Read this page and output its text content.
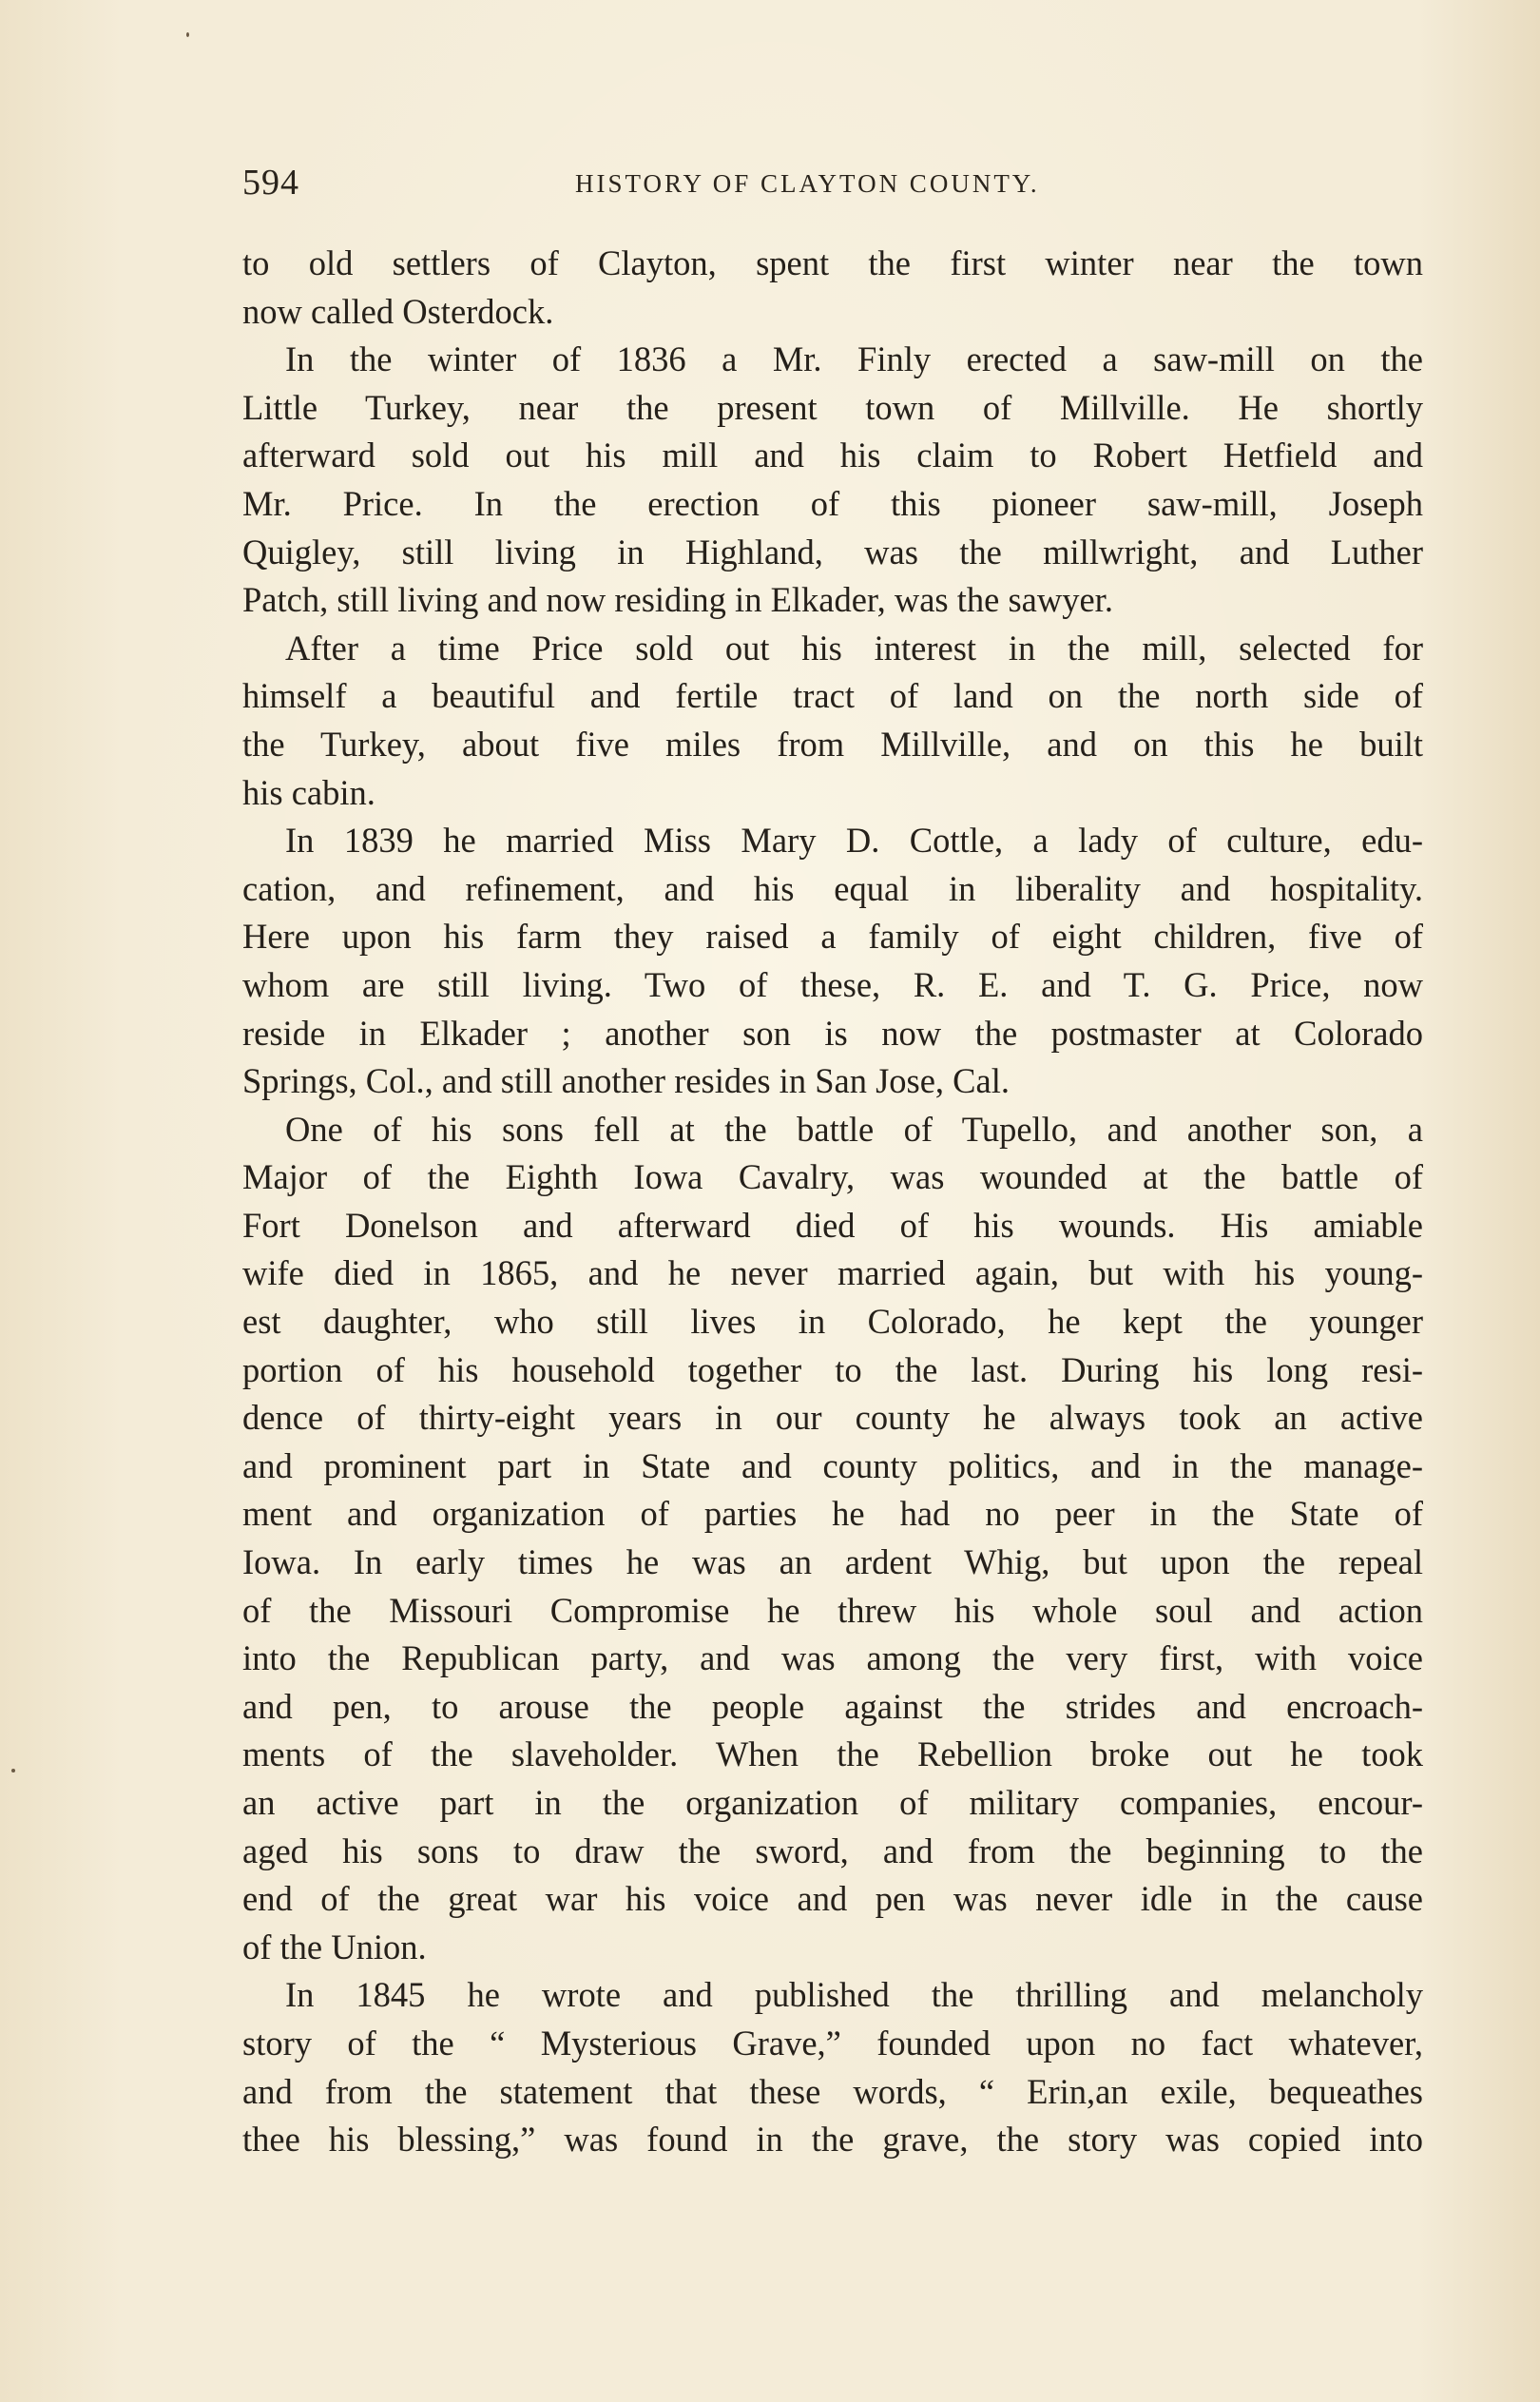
594	HISTORY OF CLAYTON COUNTY.
to old settlers of Clayton, spent the first winter near the town
now called Osterdock.
In the winter of 1836 a Mr. Finly erected a saw-mill on the
Little Turkey, near the present town of Millville. He shortly
afterward sold out his mill and his claim to Robert Hetfield and
Mr. Price. In the erection of this pioneer saw-mill, Joseph
Quigley, still living in Highland, was the millwright, and Luther
Patch, still living and now residing in Elkader, was the sawyer.
After a time Price sold out his interest in the mill, selected for
himself a beautiful and fertile tract of land on the north side of
the Turkey, about five miles from Millville, and on this he built
his cabin.
In 1839 he married Miss Mary D. Cottle, a lady of culture, edu-
cation, and refinement, and his equal in liberality and hospitality.
Here upon his farm they raised a family of eight children, five of
whom are still living. Two of these, R. E. and T. G. Price, now
reside in Elkader ; another son is now the postmaster at Colorado
Springs, Col., and still another resides in San Jose, Cal.
One of his sons fell at the battle of Tupello, and another son, a
Major of the Eighth Iowa Cavalry, was wounded at the battle of
Fort Donelson and afterward died of his wounds. His amiable
wife died in 1865, and he never married again, but with his young-
est daughter, who still lives in Colorado, he kept the younger
portion of his household together to the last. During his long resi-
dence of thirty-eight years in our county he always took an active
and prominent part in State and county politics, and in the manage-
ment and organization of parties he had no peer in the State of
Iowa. In early times he was an ardent Whig, but upon the repeal
of the Missouri Compromise he threw his whole soul and action
into the Republican party, and was among the very first, with voice
and pen, to arouse the people against the strides and encroach-
ments of the slaveholder. When the Rebellion broke out he took
an active part in the organization of military companies, encour-
aged his sons to draw the sword, and from the beginning to the
end of the great war his voice and pen was never idle in the cause
of the Union.
In 1845 he wrote and published the thrilling and melancholy
story of the “ Mysterious Grave,” founded upon no fact whatever,
and from the statement that these words, “ Erin,an exile, bequeathes
thee his blessing,” was found in the grave, the story was copied into
